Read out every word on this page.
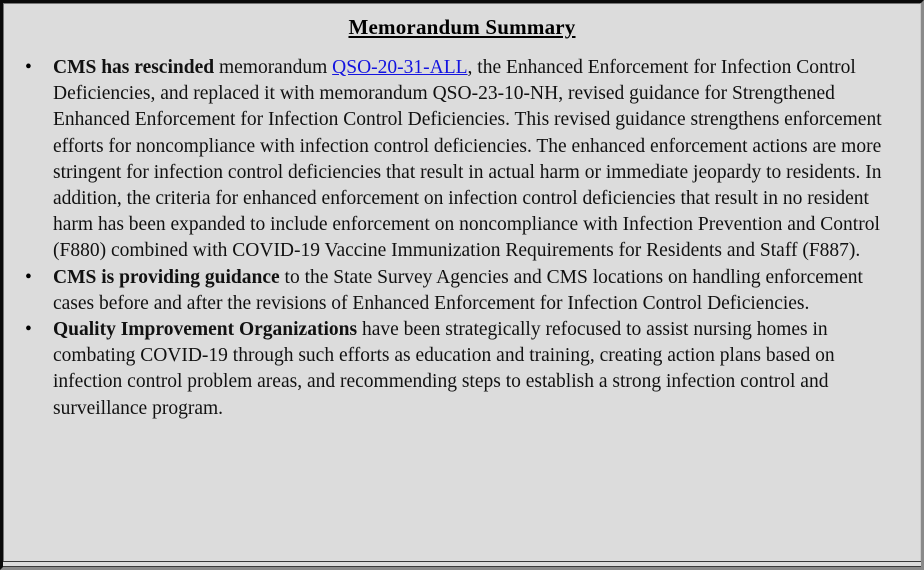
Memorandum Summary
• CMS has rescinded memorandum QSO-20-31-ALL, the Enhanced Enforcement for Infection Control Deficiencies, and replaced it with memorandum QSO-23-10-NH, revised guidance for Strengthened Enhanced Enforcement for Infection Control Deficiencies. This revised guidance strengthens enforcement efforts for noncompliance with infection control deficiencies. The enhanced enforcement actions are more stringent for infection control deficiencies that result in actual harm or immediate jeopardy to residents. In addition, the criteria for enhanced enforcement on infection control deficiencies that result in no resident harm has been expanded to include enforcement on noncompliance with Infection Prevention and Control (F880) combined with COVID-19 Vaccine Immunization Requirements for Residents and Staff (F887).
• CMS is providing guidance to the State Survey Agencies and CMS locations on handling enforcement cases before and after the revisions of Enhanced Enforcement for Infection Control Deficiencies.
• Quality Improvement Organizations have been strategically refocused to assist nursing homes in combating COVID-19 through such efforts as education and training, creating action plans based on infection control problem areas, and recommending steps to establish a strong infection control and surveillance program.
